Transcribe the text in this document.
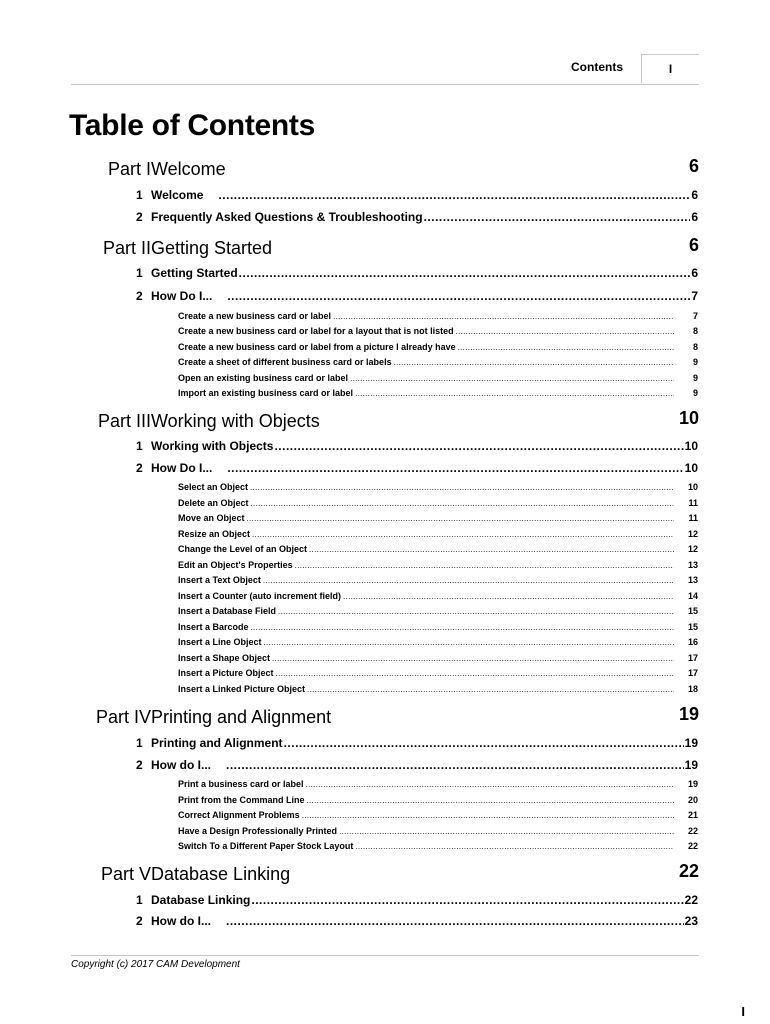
Contents	I
Table of Contents
Part I Welcome	6
1 Welcome .....	6
2 Frequently Asked Questions & Troubleshooting .....	6
Part II Getting Started	6
1 Getting Started .....	6
2 How Do I... .....	7
Create a new business card or label .....	7
Create a new business card or label for a layout that is not listed .....	8
Create a new business card or label from a picture I already have .....	8
Create a sheet of different business card or labels .....	9
Open an existing business card or label .....	9
Import an existing business card or label .....	9
Part III Working with Objects	10
1 Working with Objects .....	10
2 How Do I... .....	10
Select an Object .....	10
Delete an Object .....	11
Move an Object .....	11
Resize an Object .....	12
Change the Level of an Object .....	12
Edit an Object's Properties .....	13
Insert a Text Object .....	13
Insert a Counter (auto increment field) .....	14
Insert a Database Field .....	15
Insert a Barcode .....	15
Insert a Line Object .....	16
Insert a Shape Object .....	17
Insert a Picture Object .....	17
Insert a Linked Picture Object .....	18
Part IV Printing and Alignment	19
1 Printing and Alignment .....	19
2 How do I... .....	19
Print a business card or label .....	19
Print from the Command Line .....	20
Correct Alignment Problems .....	21
Have a Design Professionally Printed .....	22
Switch To a Different Paper Stock Layout .....	22
Part V Database Linking	22
1 Database Linking .....	22
2 How do I... .....	23
Copyright (c) 2017 CAM Development
I
